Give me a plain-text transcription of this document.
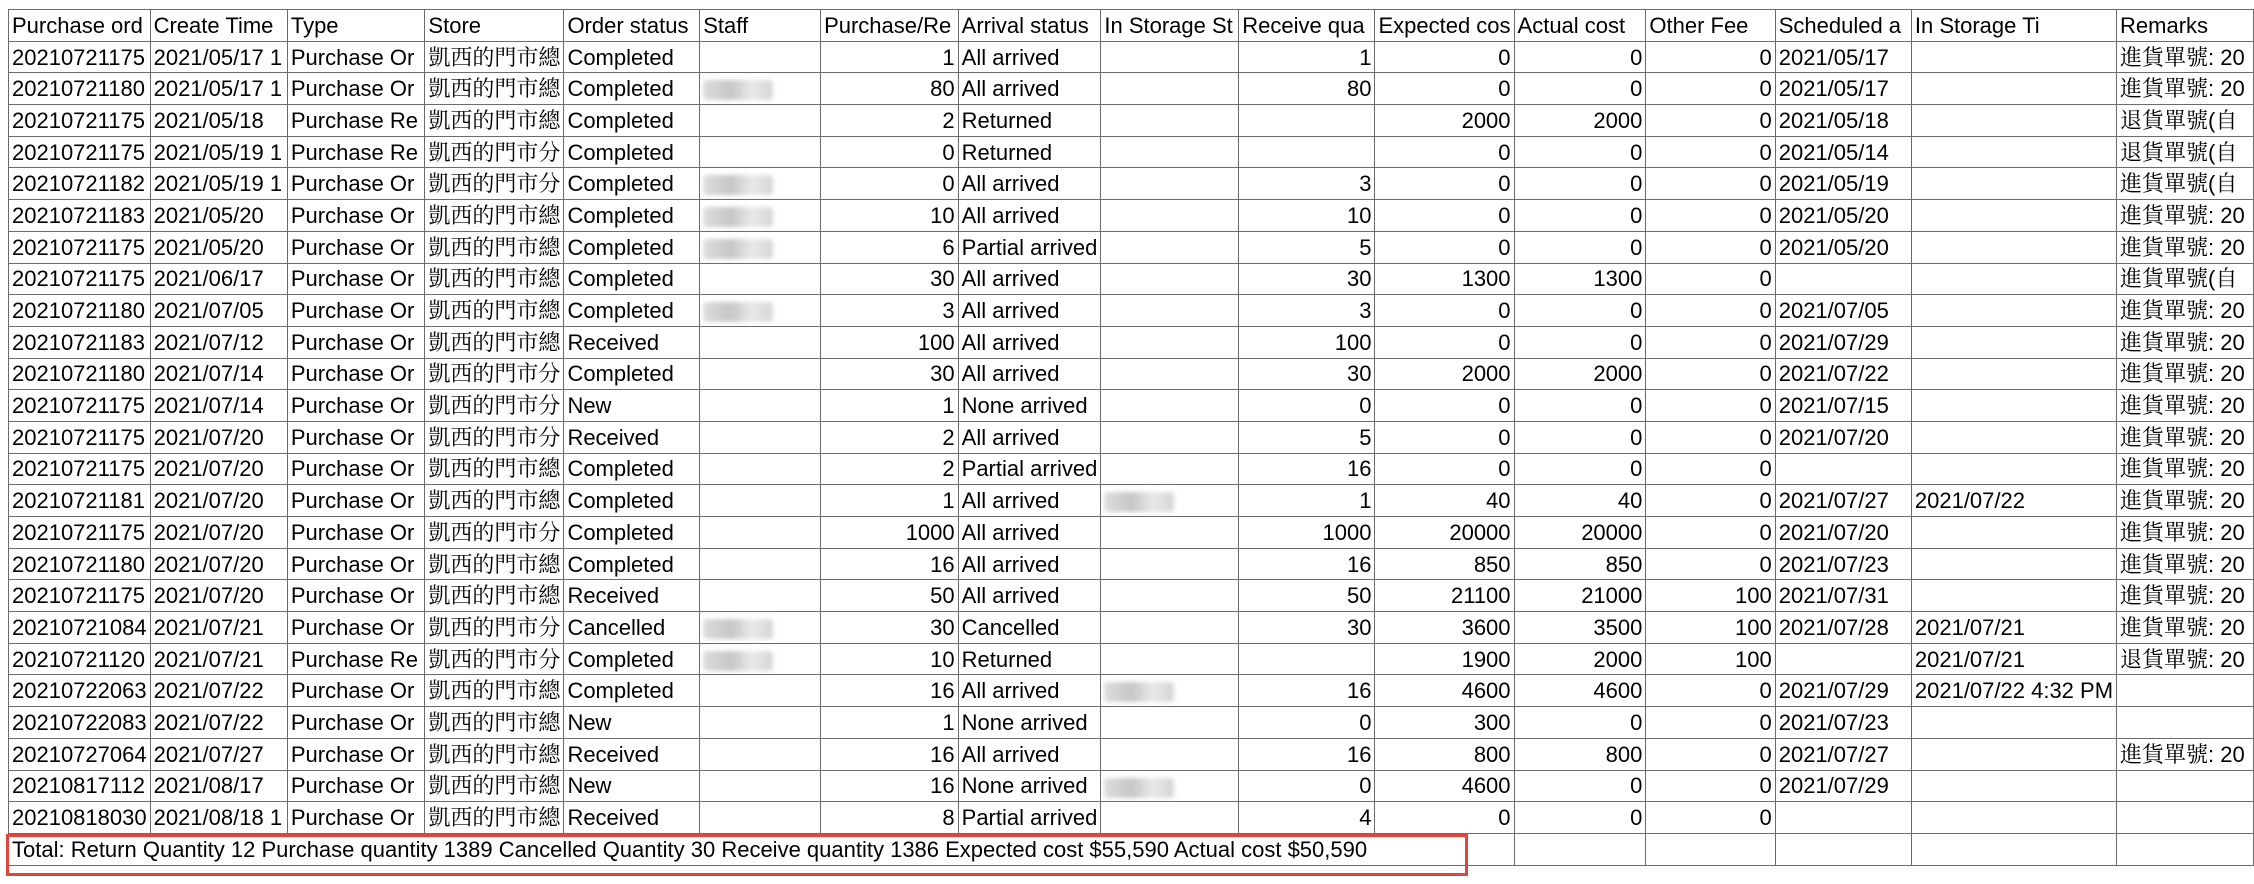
Purchase ord	Create Time	Type	Store	Order status	Staff	Purchase/Re	Arrival status	In Storage St	Receive qua	Expected cos	Actual cost	Other Fee	Scheduled a	In Storage Ti	Remarks
20210721175	2021/05/17 1	Purchase Or	凱西的門市總	Completed		1	All arrived		1	0	0	0	2021/05/17		進貨單號: 20
20210721180	2021/05/17 1	Purchase Or	凱西的門市總	Completed		80	All arrived		80	0	0	0	2021/05/17		進貨單號: 20
20210721175	2021/05/18	Purchase Re	凱西的門市總	Completed		2	Returned			2000	2000	0	2021/05/18		退貨單號(自
20210721175	2021/05/19 1	Purchase Re	凱西的門市分	Completed		0	Returned			0	0	0	2021/05/14		退貨單號(自
20210721182	2021/05/19 1	Purchase Or	凱西的門市分	Completed		0	All arrived		3	0	0	0	2021/05/19		進貨單號(自
20210721183	2021/05/20	Purchase Or	凱西的門市總	Completed		10	All arrived		10	0	0	0	2021/05/20		進貨單號: 20
20210721175	2021/05/20	Purchase Or	凱西的門市總	Completed		6	Partial arrived		5	0	0	0	2021/05/20		進貨單號: 20
20210721175	2021/06/17	Purchase Or	凱西的門市總	Completed		30	All arrived		30	1300	1300	0			進貨單號(自
20210721180	2021/07/05	Purchase Or	凱西的門市總	Completed		3	All arrived		3	0	0	0	2021/07/05		進貨單號: 20
20210721183	2021/07/12	Purchase Or	凱西的門市總	Received		100	All arrived		100	0	0	0	2021/07/29		進貨單號: 20
20210721180	2021/07/14	Purchase Or	凱西的門市分	Completed		30	All arrived		30	2000	2000	0	2021/07/22		進貨單號: 20
20210721175	2021/07/14	Purchase Or	凱西的門市分	New		1	None arrived		0	0	0	0	2021/07/15		進貨單號: 20
20210721175	2021/07/20	Purchase Or	凱西的門市分	Received		2	All arrived		5	0	0	0	2021/07/20		進貨單號: 20
20210721175	2021/07/20	Purchase Or	凱西的門市總	Completed		2	Partial arrived		16	0	0	0			進貨單號: 20
20210721181	2021/07/20	Purchase Or	凱西的門市總	Completed		1	All arrived		1	40	40	0	2021/07/27	2021/07/22	進貨單號: 20
20210721175	2021/07/20	Purchase Or	凱西的門市分	Completed		1000	All arrived		1000	20000	20000	0	2021/07/20		進貨單號: 20
20210721180	2021/07/20	Purchase Or	凱西的門市總	Completed		16	All arrived		16	850	850	0	2021/07/23		進貨單號: 20
20210721175	2021/07/20	Purchase Or	凱西的門市總	Received		50	All arrived		50	21100	21000	100	2021/07/31		進貨單號: 20
20210721084	2021/07/21	Purchase Or	凱西的門市分	Cancelled		30	Cancelled		30	3600	3500	100	2021/07/28	2021/07/21	進貨單號: 20
20210721120	2021/07/21	Purchase Re	凱西的門市分	Completed		10	Returned			1900	2000	100		2021/07/21	退貨單號: 20
20210722063	2021/07/22	Purchase Or	凱西的門市總	Completed		16	All arrived		16	4600	4600	0	2021/07/29	2021/07/22 4:32 PM	
20210722083	2021/07/22	Purchase Or	凱西的門市總	New		1	None arrived		0	300	0	0	2021/07/23		
20210727064	2021/07/27	Purchase Or	凱西的門市總	Received		16	All arrived		16	800	800	0	2021/07/27		進貨單號: 20
20210817112	2021/08/17	Purchase Or	凱西的門市總	New		16	None arrived		0	4600	0	0	2021/07/29		
20210818030	2021/08/18 1	Purchase Or	凱西的門市總	Received		8	Partial arrived		4	0	0	0			
Total: Return Quantity 12 Purchase quantity 1389 Cancelled Quantity 30 Receive quantity 1386 Expected cost $55,590 Actual cost $50,590															
